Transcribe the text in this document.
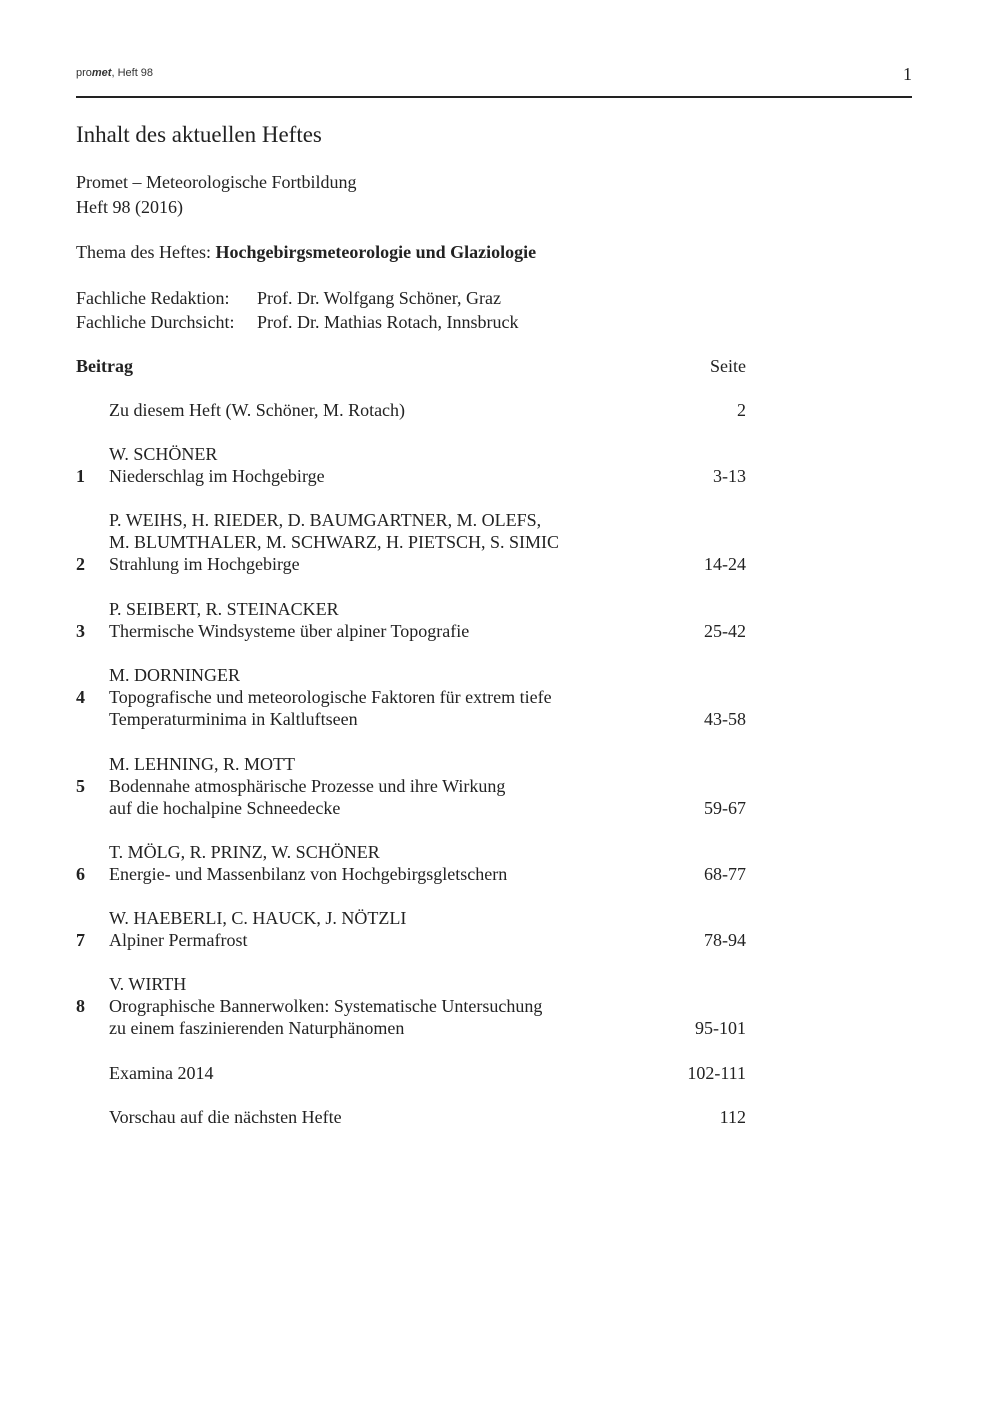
promet, Heft 98	1
Inhalt des aktuellen Heftes
Promet – Meteorologische Fortbildung
Heft 98 (2016)
Thema des Heftes: Hochgebirgsmeteorologie und Glaziologie
Fachliche Redaktion: Prof. Dr. Wolfgang Schöner, Graz
Fachliche Durchsicht: Prof. Dr. Mathias Rotach, Innsbruck
Beitrag	Seite
Zu diesem Heft (W. Schöner, M. Rotach)	2
W. SCHÖNER
1	Niederschlag im Hochgebirge	3-13
P. WEIHS, H. RIEDER, D. BAUMGARTNER, M. OLEFS,
M. BLUMTHALER, M. SCHWARZ, H. PIETSCH, S. SIMIC
2	Strahlung im Hochgebirge	14-24
P. SEIBERT, R. STEINACKER
3	Thermische Windsysteme über alpiner Topografie	25-42
M. DORNINGER
4	Topografische und meteorologische Faktoren für extrem tiefe
Temperaturminima in Kaltluftseen	43-58
M. LEHNING, R. MOTT
5	Bodennahe atmosphärische Prozesse und ihre Wirkung
auf die hochalpine Schneedecke	59-67
T. MÖLG, R. PRINZ, W. SCHÖNER
6	Energie- und Massenbilanz von Hochgebirgsgletschern	68-77
W. HAEBERLI, C. HAUCK, J. NÖTZLI
7	Alpiner Permafrost	78-94
V. WIRTH
8	Orographische Bannerwolken: Systematische Untersuchung
zu einem faszinierenden Naturphänomen	95-101
Examina 2014	102-111
Vorschau auf die nächsten Hefte	112
